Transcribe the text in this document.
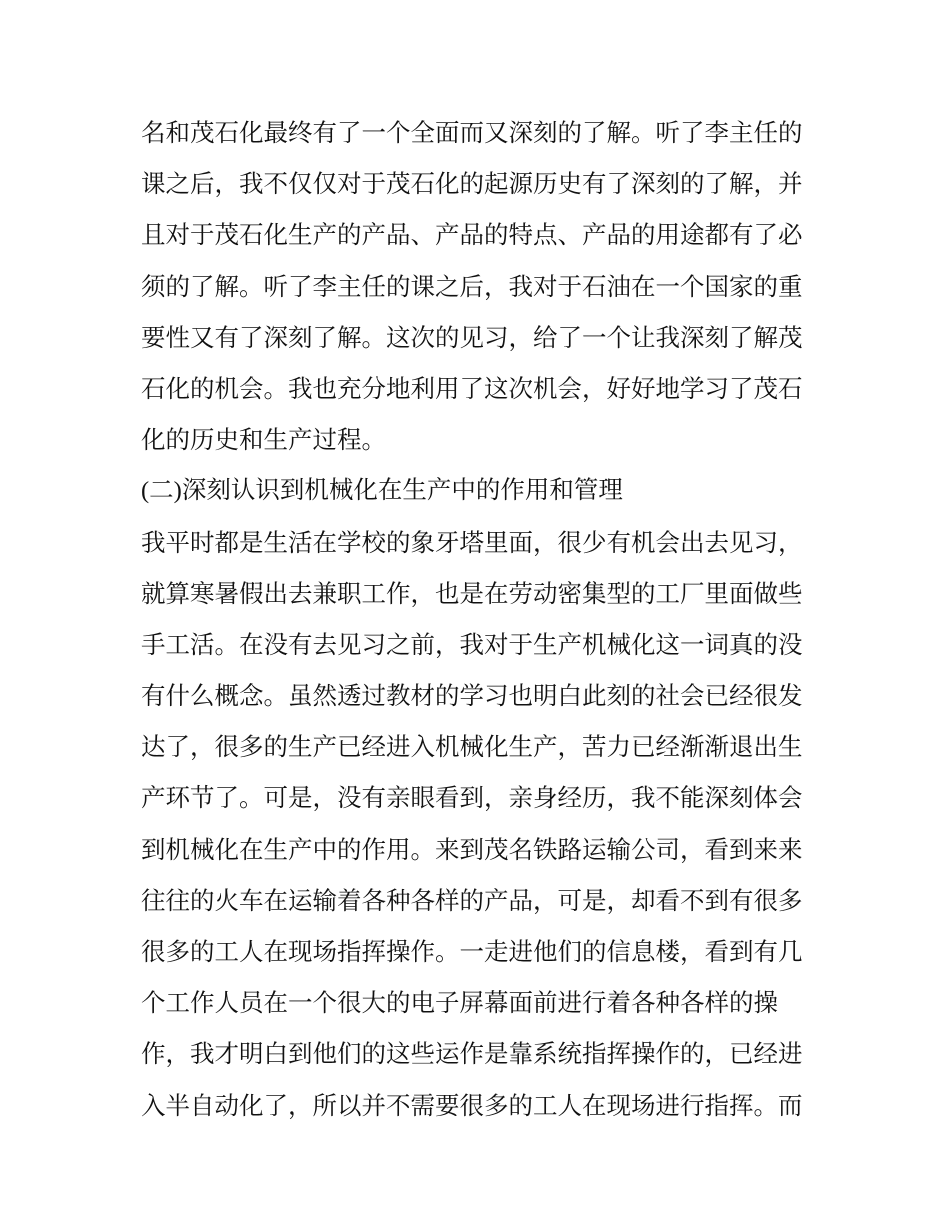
名和茂石化最终有了一个全面而又深刻的了解。听了李主任的
课之后，我不仅仅对于茂石化的起源历史有了深刻的了解，并
且对于茂石化生产的产品、产品的特点、产品的用途都有了必
须的了解。听了李主任的课之后，我对于石油在一个国家的重
要性又有了深刻了解。这次的见习，给了一个让我深刻了解茂
石化的机会。我也充分地利用了这次机会，好好地学习了茂石
化的历史和生产过程。
(二)深刻认识到机械化在生产中的作用和管理
我平时都是生活在学校的象牙塔里面，很少有机会出去见习，
就算寒暑假出去兼职工作，也是在劳动密集型的工厂里面做些
手工活。在没有去见习之前，我对于生产机械化这一词真的没
有什么概念。虽然透过教材的学习也明白此刻的社会已经很发
达了，很多的生产已经进入机械化生产，苦力已经渐渐退出生
产环节了。可是，没有亲眼看到，亲身经历，我不能深刻体会
到机械化在生产中的作用。来到茂名铁路运输公司，看到来来
往往的火车在运输着各种各样的产品，可是，却看不到有很多
很多的工人在现场指挥操作。一走进他们的信息楼，看到有几
个工作人员在一个很大的电子屏幕面前进行着各种各样的操
作，我才明白到他们的这些运作是靠系统指挥操作的，已经进
入半自动化了，所以并不需要很多的工人在现场进行指挥。而
